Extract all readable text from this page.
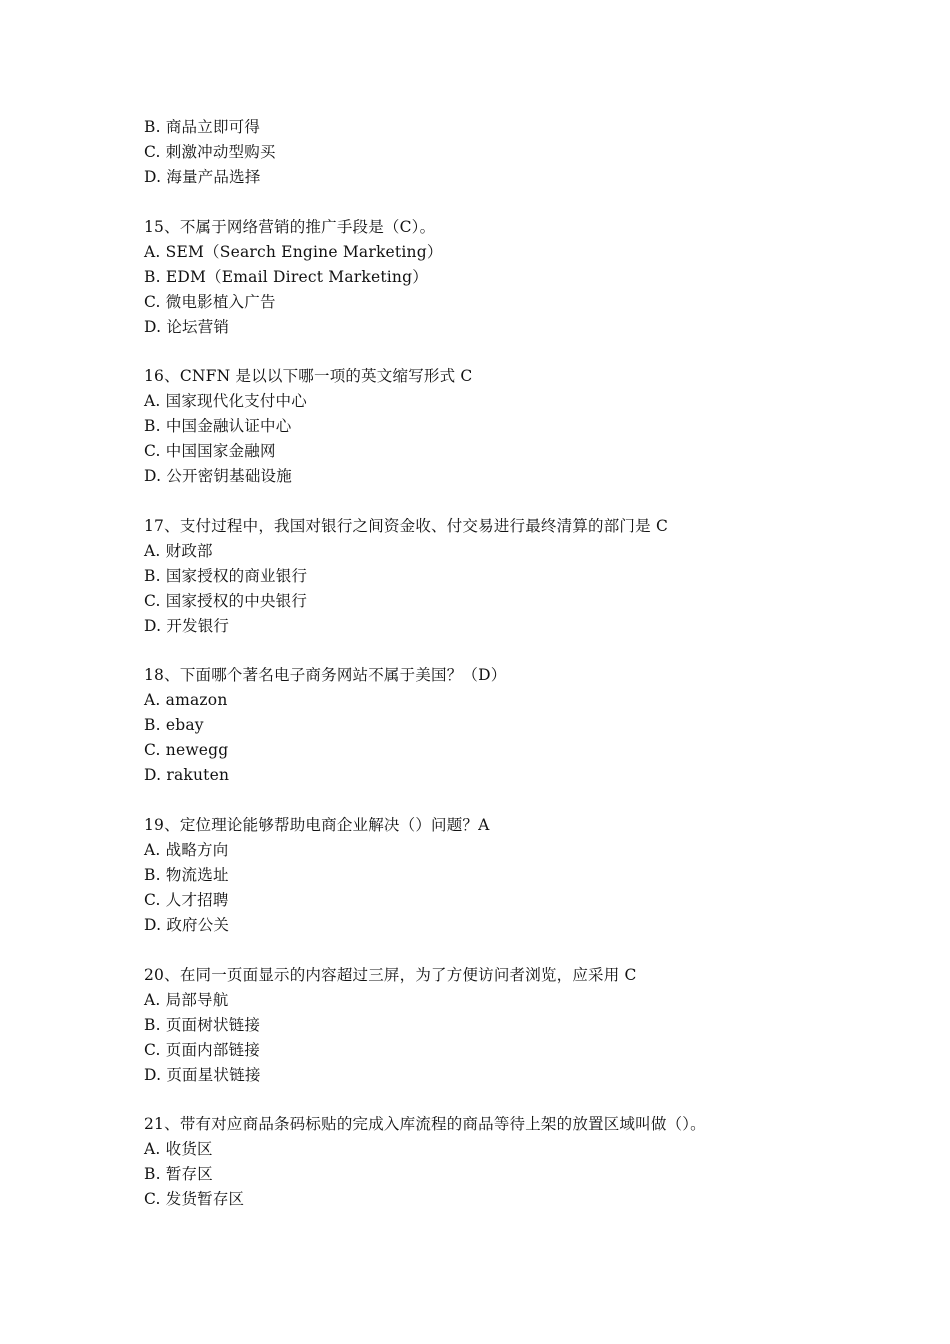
B. 商品立即可得
C. 刺激冲动型购买
D. 海量产品选择
15、不属于网络营销的推广手段是（C）。
A. SEM（Search Engine Marketing）
B. EDM（Email Direct Marketing）
C. 微电影植入广告
D. 论坛营销
16、CNFN 是以以下哪一项的英文缩写形式 C
A. 国家现代化支付中心
B. 中国金融认证中心
C. 中国国家金融网
D. 公开密钥基础设施
17、支付过程中，我国对银行之间资金收、付交易进行最终清算的部门是 C
A. 财政部
B. 国家授权的商业银行
C. 国家授权的中央银行
D. 开发银行
18、下面哪个著名电子商务网站不属于美国？（D）
A. amazon
B. ebay
C. newegg
D. rakuten
19、定位理论能够帮助电商企业解决（）问题？A
A. 战略方向
B. 物流选址
C. 人才招聘
D. 政府公关
20、在同一页面显示的内容超过三屏，为了方便访问者浏览，应采用 C
A. 局部导航
B. 页面树状链接
C. 页面内部链接
D. 页面星状链接
21、带有对应商品条码标贴的完成入库流程的商品等待上架的放置区域叫做（）。
A. 收货区
B. 暂存区
C. 发货暂存区
